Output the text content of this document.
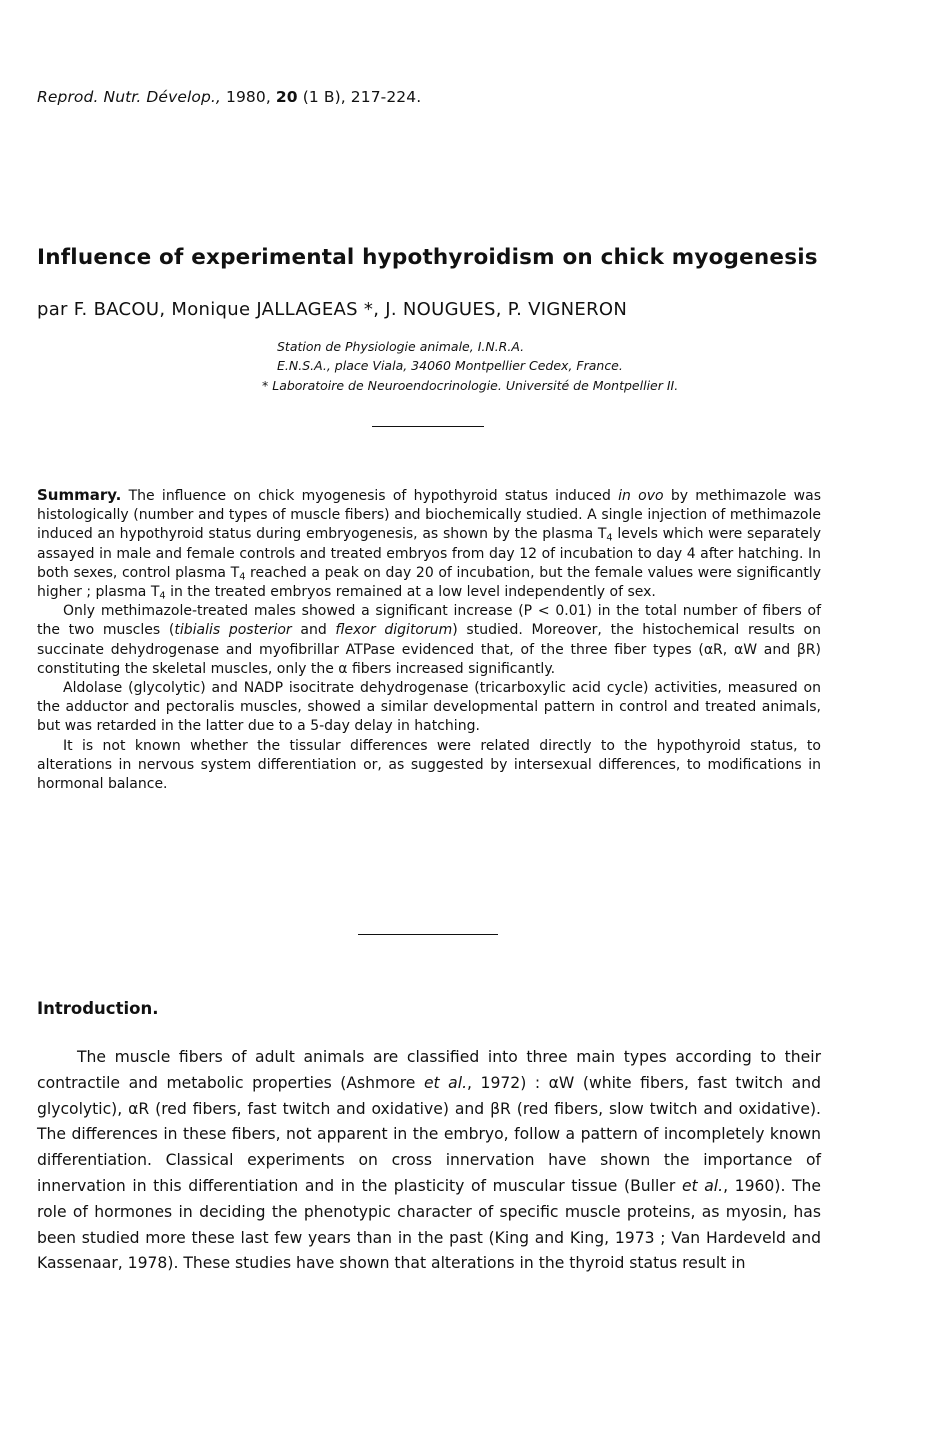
Reprod. Nutr. Dévelop., 1980, 20 (1 B), 217-224.
Influence of experimental hypothyroidism on chick myogenesis
par F. BACOU, Monique JALLAGEAS *, J. NOUGUES, P. VIGNERON
Station de Physiologie animale, I.N.R.A.
E.N.S.A., place Viala, 34060 Montpellier Cedex, France.
* Laboratoire de Neuroendocrinologie. Université de Montpellier II.

Summary. The influence on chick myogenesis of hypothyroid status induced in ovo by methimazole was histologically (number and types of muscle fibers) and biochemically studied. A single injection of methimazole induced an hypothyroid status during embryogenesis, as shown by the plasma $T_4$ levels which were separately assayed in male and female controls and treated embryos from day 12 of incubation to day 4 after hatching. In both sexes, control plasma $T_4$ reached a peak on day 20 of incubation, but the female values were significantly higher ; plasma $T_4$ in the treated embryos remained at a low level independently of sex.

Only methimazole-treated males showed a significant increase (P < 0.01) in the total number of fibers of the two muscles (tibialis posterior and flexor digitorum) studied. Moreover, the histochemical results on succinate dehydrogenase and myofibrillar ATPase evidenced that, of the three fiber types (αR, αW and βR) constituting the skeletal muscles, only the α fibers increased significantly.

Aldolase (glycolytic) and NADP isocitrate dehydrogenase (tricarboxylic acid cycle) activities, measured on the adductor and pectoralis muscles, showed a similar developmental pattern in control and treated animals, but was retarded in the latter due to a 5-day delay in hatching.

It is not known whether the tissular differences were related directly to the hypothyroid status, to alterations in nervous system differentiation or, as suggested by intersexual differences, to modifications in hormonal balance.

Introduction.

The muscle fibers of adult animals are classified into three main types according to their contractile and metabolic properties (Ashmore et al., 1972) : αW (white fibers, fast twitch and glycolytic), αR (red fibers, fast twitch and oxidative) and βR (red fibers, slow twitch and oxidative). The differences in these fibers, not apparent in the embryo, follow a pattern of incompletely known differentiation. Classical experiments on cross innervation have shown the importance of innervation in this differentiation and in the plasticity of muscular tissue (Buller et al., 1960). The role of hormones in deciding the phenotypic character of specific muscle proteins, as myosin, has been studied more these last few years than in the past (King and King, 1973 ; Van Hardeveld and Kassenaar, 1978). These studies have shown that alterations in the thyroid status result in
